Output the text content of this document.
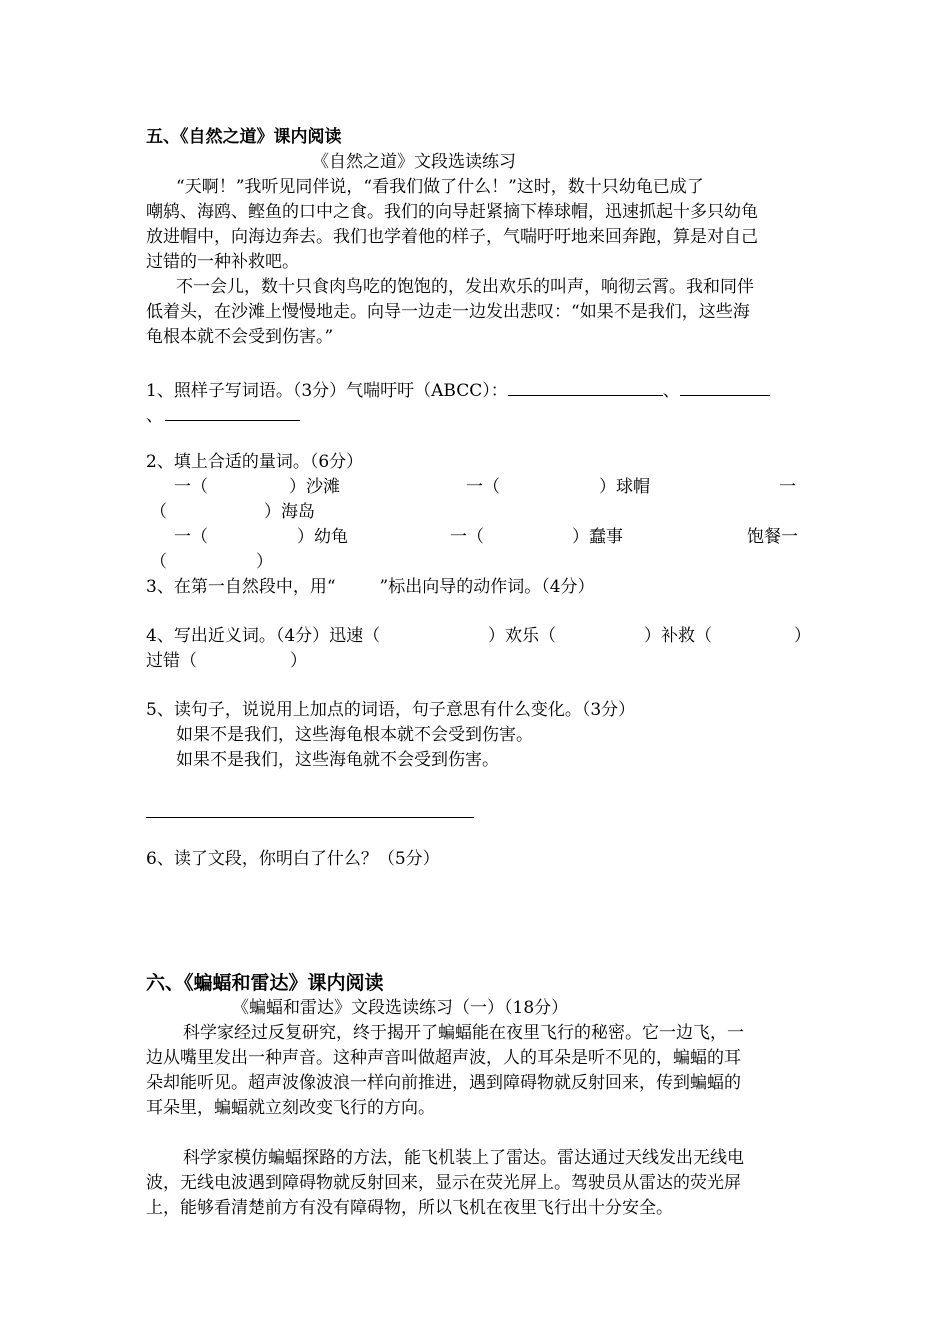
五、《自然之道》课内阅读
《自然之道》文段选读练习
“天啊！”我听见同伴说，“看我们做了什么！”这时，数十只幼龟已成了
嘲鸫、海鸥、鲣鱼的口中之食。我们的向导赶紧摘下棒球帽，迅速抓起十多只幼龟
放进帽中，向海边奔去。我们也学着他的样子，气喘吁吁地来回奔跑，算是对自己
过错的一种补救吧。
不一会儿，数十只食肉鸟吃的饱饱的，发出欢乐的叫声，响彻云霄。我和同伴
低着头，在沙滩上慢慢地走。向导一边走一边发出悲叹：“如果不是我们，这些海
龟根本就不会受到伤害。”
1、照样子写词语。（3分）气喘吁吁（ABCC）：	、
、
2、填上合适的量词。（6分）
一（	）沙滩	一（	）球帽	一
（	）海岛
一（	）幼龟	一（	）蠢事	饱餐一
（	）
3、在第一自然段中，用“	”标出向导的动作词。（4分）
4、写出近义词。（4分）迅速（	）欢乐（	）补救（	）
过错（	）
5、读句子，说说用上加点的词语，句子意思有什么变化。（3分）
如果不是我们，这些海龟根本就不会受到伤害。
如果不是我们，这些海龟就不会受到伤害。
6、读了文段，你明白了什么？（5分）
六、《蝙蝠和雷达》课内阅读
《蝙蝠和雷达》文段选读练习（一）（18分）
科学家经过反复研究，终于揭开了蝙蝠能在夜里飞行的秘密。它一边飞，一
边从嘴里发出一种声音。这种声音叫做超声波，人的耳朵是听不见的，蝙蝠的耳
朵却能听见。超声波像波浪一样向前推进，遇到障碍物就反射回来，传到蝙蝠的
耳朵里，蝙蝠就立刻改变飞行的方向。
科学家模仿蝙蝠探路的方法，能飞机装上了雷达。雷达通过天线发出无线电
波，无线电波遇到障碍物就反射回来，显示在荧光屏上。驾驶员从雷达的荧光屏
上，能够看清楚前方有没有障碍物，所以飞机在夜里飞行出十分安全。
